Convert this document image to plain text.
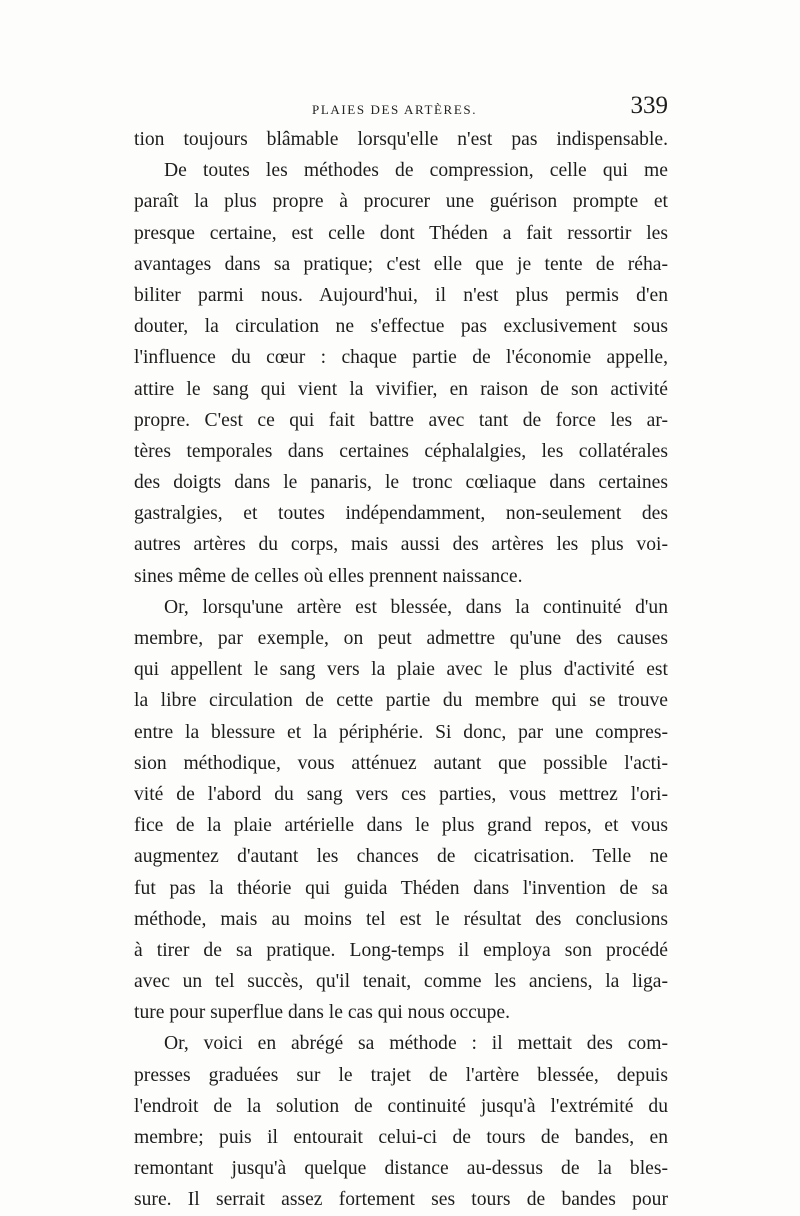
PLAIES DES ARTÈRES.	339
tion toujours blâmable lorsqu'elle n'est pas indispensable.
De toutes les méthodes de compression, celle qui me
paraît la plus propre à procurer une guérison prompte et
presque certaine, est celle dont Théden a fait ressortir les
avantages dans sa pratique; c'est elle que je tente de réha-
biliter parmi nous. Aujourd'hui, il n'est plus permis d'en
douter, la circulation ne s'effectue pas exclusivement sous
l'influence du cœur : chaque partie de l'économie appelle,
attire le sang qui vient la vivifier, en raison de son activité
propre. C'est ce qui fait battre avec tant de force les ar-
tères temporales dans certaines céphalalgies, les collatérales
des doigts dans le panaris, le tronc cœliaque dans certaines
gastralgies, et toutes indépendamment, non-seulement des
autres artères du corps, mais aussi des artères les plus voi-
sines même de celles où elles prennent naissance.
Or, lorsqu'une artère est blessée, dans la continuité d'un
membre, par exemple, on peut admettre qu'une des causes
qui appellent le sang vers la plaie avec le plus d'activité est
la libre circulation de cette partie du membre qui se trouve
entre la blessure et la périphérie. Si donc, par une compres-
sion méthodique, vous atténuez autant que possible l'acti-
vité de l'abord du sang vers ces parties, vous mettrez l'ori-
fice de la plaie artérielle dans le plus grand repos, et vous
augmentez d'autant les chances de cicatrisation. Telle ne
fut pas la théorie qui guida Théden dans l'invention de sa
méthode, mais au moins tel est le résultat des conclusions
à tirer de sa pratique. Long-temps il employa son procédé
avec un tel succès, qu'il tenait, comme les anciens, la liga-
ture pour superflue dans le cas qui nous occupe.
Or, voici en abrégé sa méthode : il mettait des com-
presses graduées sur le trajet de l'artère blessée, depuis
l'endroit de la solution de continuité jusqu'à l'extrémité du
membre; puis il entourait celui-ci de tours de bandes, en
remontant jusqu'à quelque distance au-dessus de la bles-
sure. Il serrait assez fortement ses tours de bandes pour
